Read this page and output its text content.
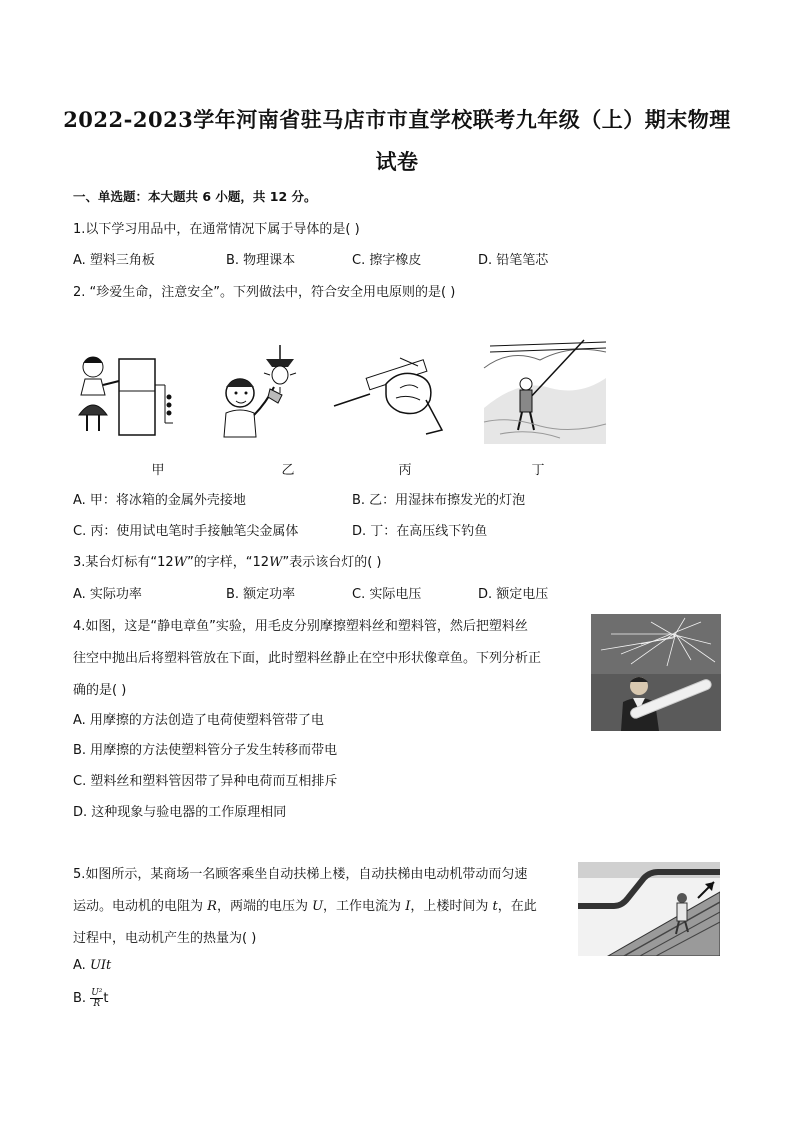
2022-2023学年河南省驻马店市市直学校联考九年级（上）期末物理
试卷
一、单选题：本大题共 6 小题，共 12 分。
1.以下学习用品中，在通常情况下属于导体的是( )
A. 塑料三角板	B. 物理课本	C. 擦字橡皮	D. 铅笔笔芯
2. “珍爱生命，注意安全”。下列做法中，符合安全用电原则的是( )
甲	乙	丙	丁
A. 甲：将冰箱的金属外壳接地	B. 乙：用湿抹布擦发光的灯泡
C. 丙：使用试电笔时手接触笔尖金属体	D. 丁：在高压线下钓鱼
3.某台灯标有“12W”的字样，“12W”表示该台灯的( )
A. 实际功率	B. 额定功率	C. 实际电压	D. 额定电压
4.如图，这是“静电章鱼”实验，用毛皮分别摩擦塑料丝和塑料管，然后把塑料丝
往空中抛出后将塑料管放在下面，此时塑料丝静止在空中形状像章鱼。下列分析正
确的是( )
A. 用摩擦的方法创造了电荷使塑料管带了电
B. 用摩擦的方法使塑料管分子发生转移而带电
C. 塑料丝和塑料管因带了异种电荷而互相排斥
D. 这种现象与验电器的工作原理相同
5.如图所示，某商场一名顾客乘坐自动扶梯上楼，自动扶梯由电动机带动而匀速
运动。电动机的电阻为 R，两端的电压为 U，工作电流为 I，上楼时间为 t，在此
过程中，电动机产生的热量为( )
A. UIt
B. $\frac{\text{U²}}{R}$ t
